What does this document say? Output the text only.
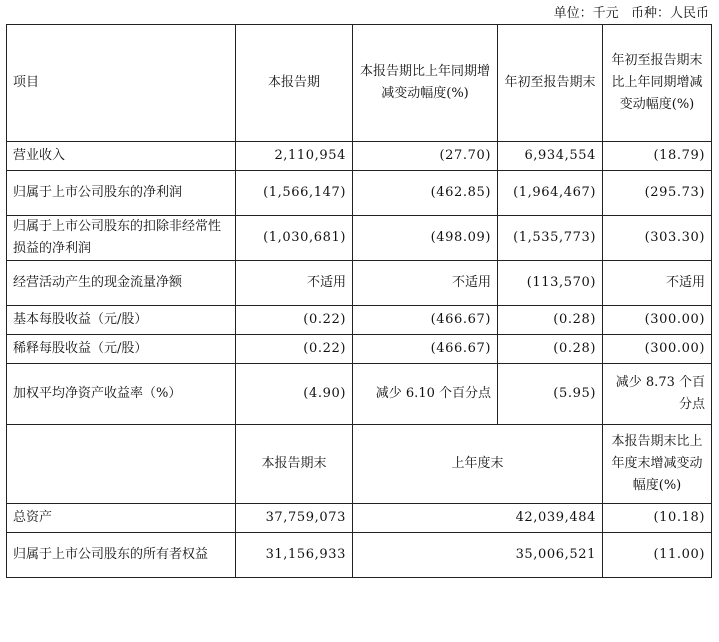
单位：千元   币种：人民币
项目	本报告期	本报告期比上年同期增减变动幅度(%)	年初至报告期末	年初至报告期末比上年同期增减变动幅度(%)
营业收入	2,110,954	(27.70)	6,934,554	(18.79)
归属于上市公司股东的净利润	(1,566,147)	(462.85)	(1,964,467)	(295.73)
归属于上市公司股东的扣除非经常性损益的净利润	(1,030,681)	(498.09)	(1,535,773)	(303.30)
经营活动产生的现金流量净额	不适用	不适用	(113,570)	不适用
基本每股收益（元/股）	(0.22)	(466.67)	(0.28)	(300.00)
稀释每股收益（元/股）	(0.22)	(466.67)	(0.28)	(300.00)
加权平均净资产收益率（%）	(4.90)	减少 6.10 个百分点	(5.95)	减少 8.73 个百分点
	本报告期末	上年度末		本报告期末比上年度末增减变动幅度(%)
总资产	37,759,073	42,039,484		(10.18)
归属于上市公司股东的所有者权益	31,156,933	35,006,521		(11.00)
